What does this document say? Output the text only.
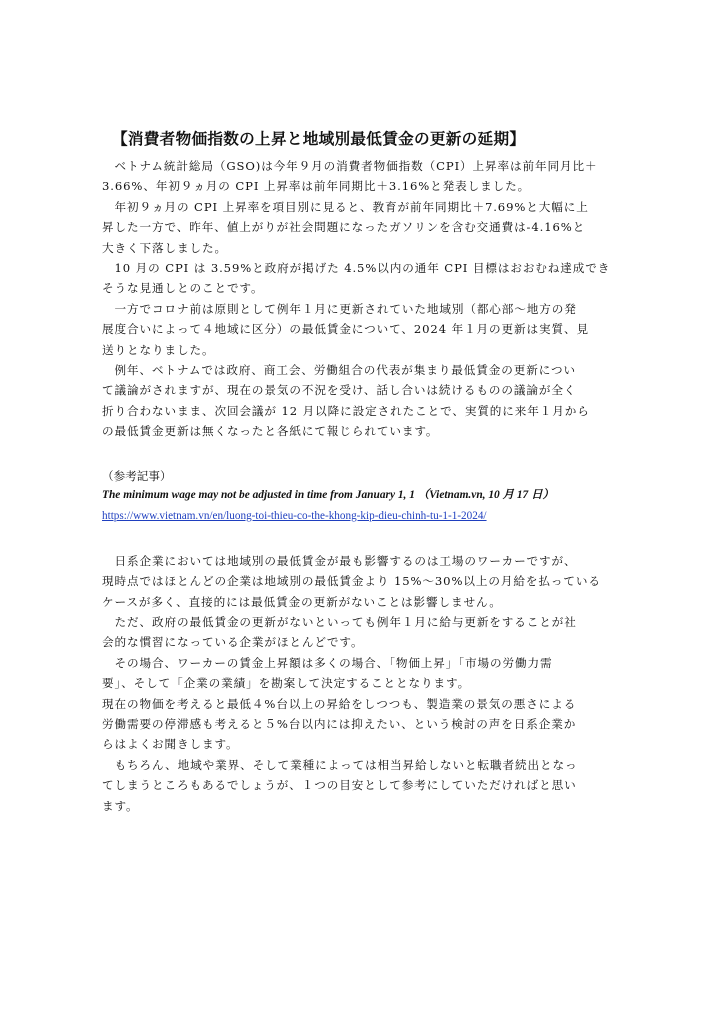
【消費者物価指数の上昇と地域別最低賃金の更新の延期】
　ベトナム統計総局（GSO)は今年９月の消費者物価指数（CPI）上昇率は前年同月比＋
3.66%、年初９ヵ月の CPI 上昇率は前年同期比＋3.16%と発表しました。
　年初９ヵ月の CPI 上昇率を項目別に見ると、教育が前年同期比＋7.69%と大幅に上
昇した一方で、昨年、値上がりが社会問題になったガソリンを含む交通費は-4.16%と
大きく下落しました。
　10 月の CPI は 3.59%と政府が掲げた 4.5%以内の通年 CPI 目標はおおむね達成でき
そうな見通しとのことです。
　一方でコロナ前は原則として例年１月に更新されていた地域別（都心部～地方の発
展度合いによって４地域に区分）の最低賃金について、2024 年１月の更新は実質、見
送りとなりました。
　例年、ベトナムでは政府、商工会、労働組合の代表が集まり最低賃金の更新につい
て議論がされますが、現在の景気の不況を受け、話し合いは続けるものの議論が全く
折り合わないまま、次回会議が 12 月以降に設定されたことで、実質的に来年１月から
の最低賃金更新は無くなったと各紙にて報じられています。
（参考記事）
The minimum wage may not be adjusted in time from January 1, 1 （Vietnam.vn, 10 月 17 日）
https://www.vietnam.vn/en/luong-toi-thieu-co-the-khong-kip-dieu-chinh-tu-1-1-2024/
　日系企業においては地域別の最低賃金が最も影響するのは工場のワーカーですが、
現時点ではほとんどの企業は地域別の最低賃金より 15%～30%以上の月給を払っている
ケースが多く、直接的には最低賃金の更新がないことは影響しません。
　ただ、政府の最低賃金の更新がないといっても例年１月に給与更新をすることが社
会的な慣習になっている企業がほとんどです。
　その場合、ワーカーの賃金上昇額は多くの場合、「物価上昇」「市場の労働力需
要」、そして「企業の業績」を勘案して決定することとなります。
現在の物価を考えると最低４%台以上の昇給をしつつも、製造業の景気の悪さによる
労働需要の停滞感も考えると５%台以内には抑えたい、という検討の声を日系企業か
らはよくお聞きします。
　もちろん、地域や業界、そして業種によっては相当昇給しないと転職者続出となっ
てしまうところもあるでしょうが、１つの目安として参考にしていただければと思い
ます。
